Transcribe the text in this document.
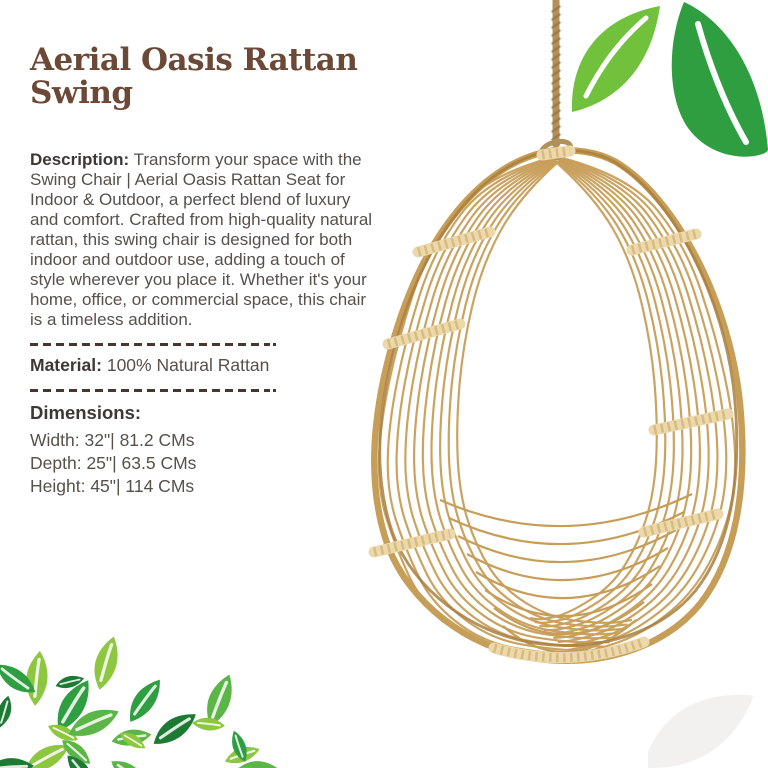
Aerial Oasis Rattan Swing

Description: Transform your space with the Swing Chair | Aerial Oasis Rattan Seat for Indoor & Outdoor, a perfect blend of luxury and comfort. Crafted from high-quality natural rattan, this swing chair is designed for both indoor and outdoor use, adding a touch of style wherever you place it. Whether it's your home, office, or commercial space, this chair is a timeless addition.

Material: 100% Natural Rattan

Dimensions:

Width: 32"| 81.2 CMs
Depth: 25"| 63.5 CMs
Height: 45"| 114 CMs
